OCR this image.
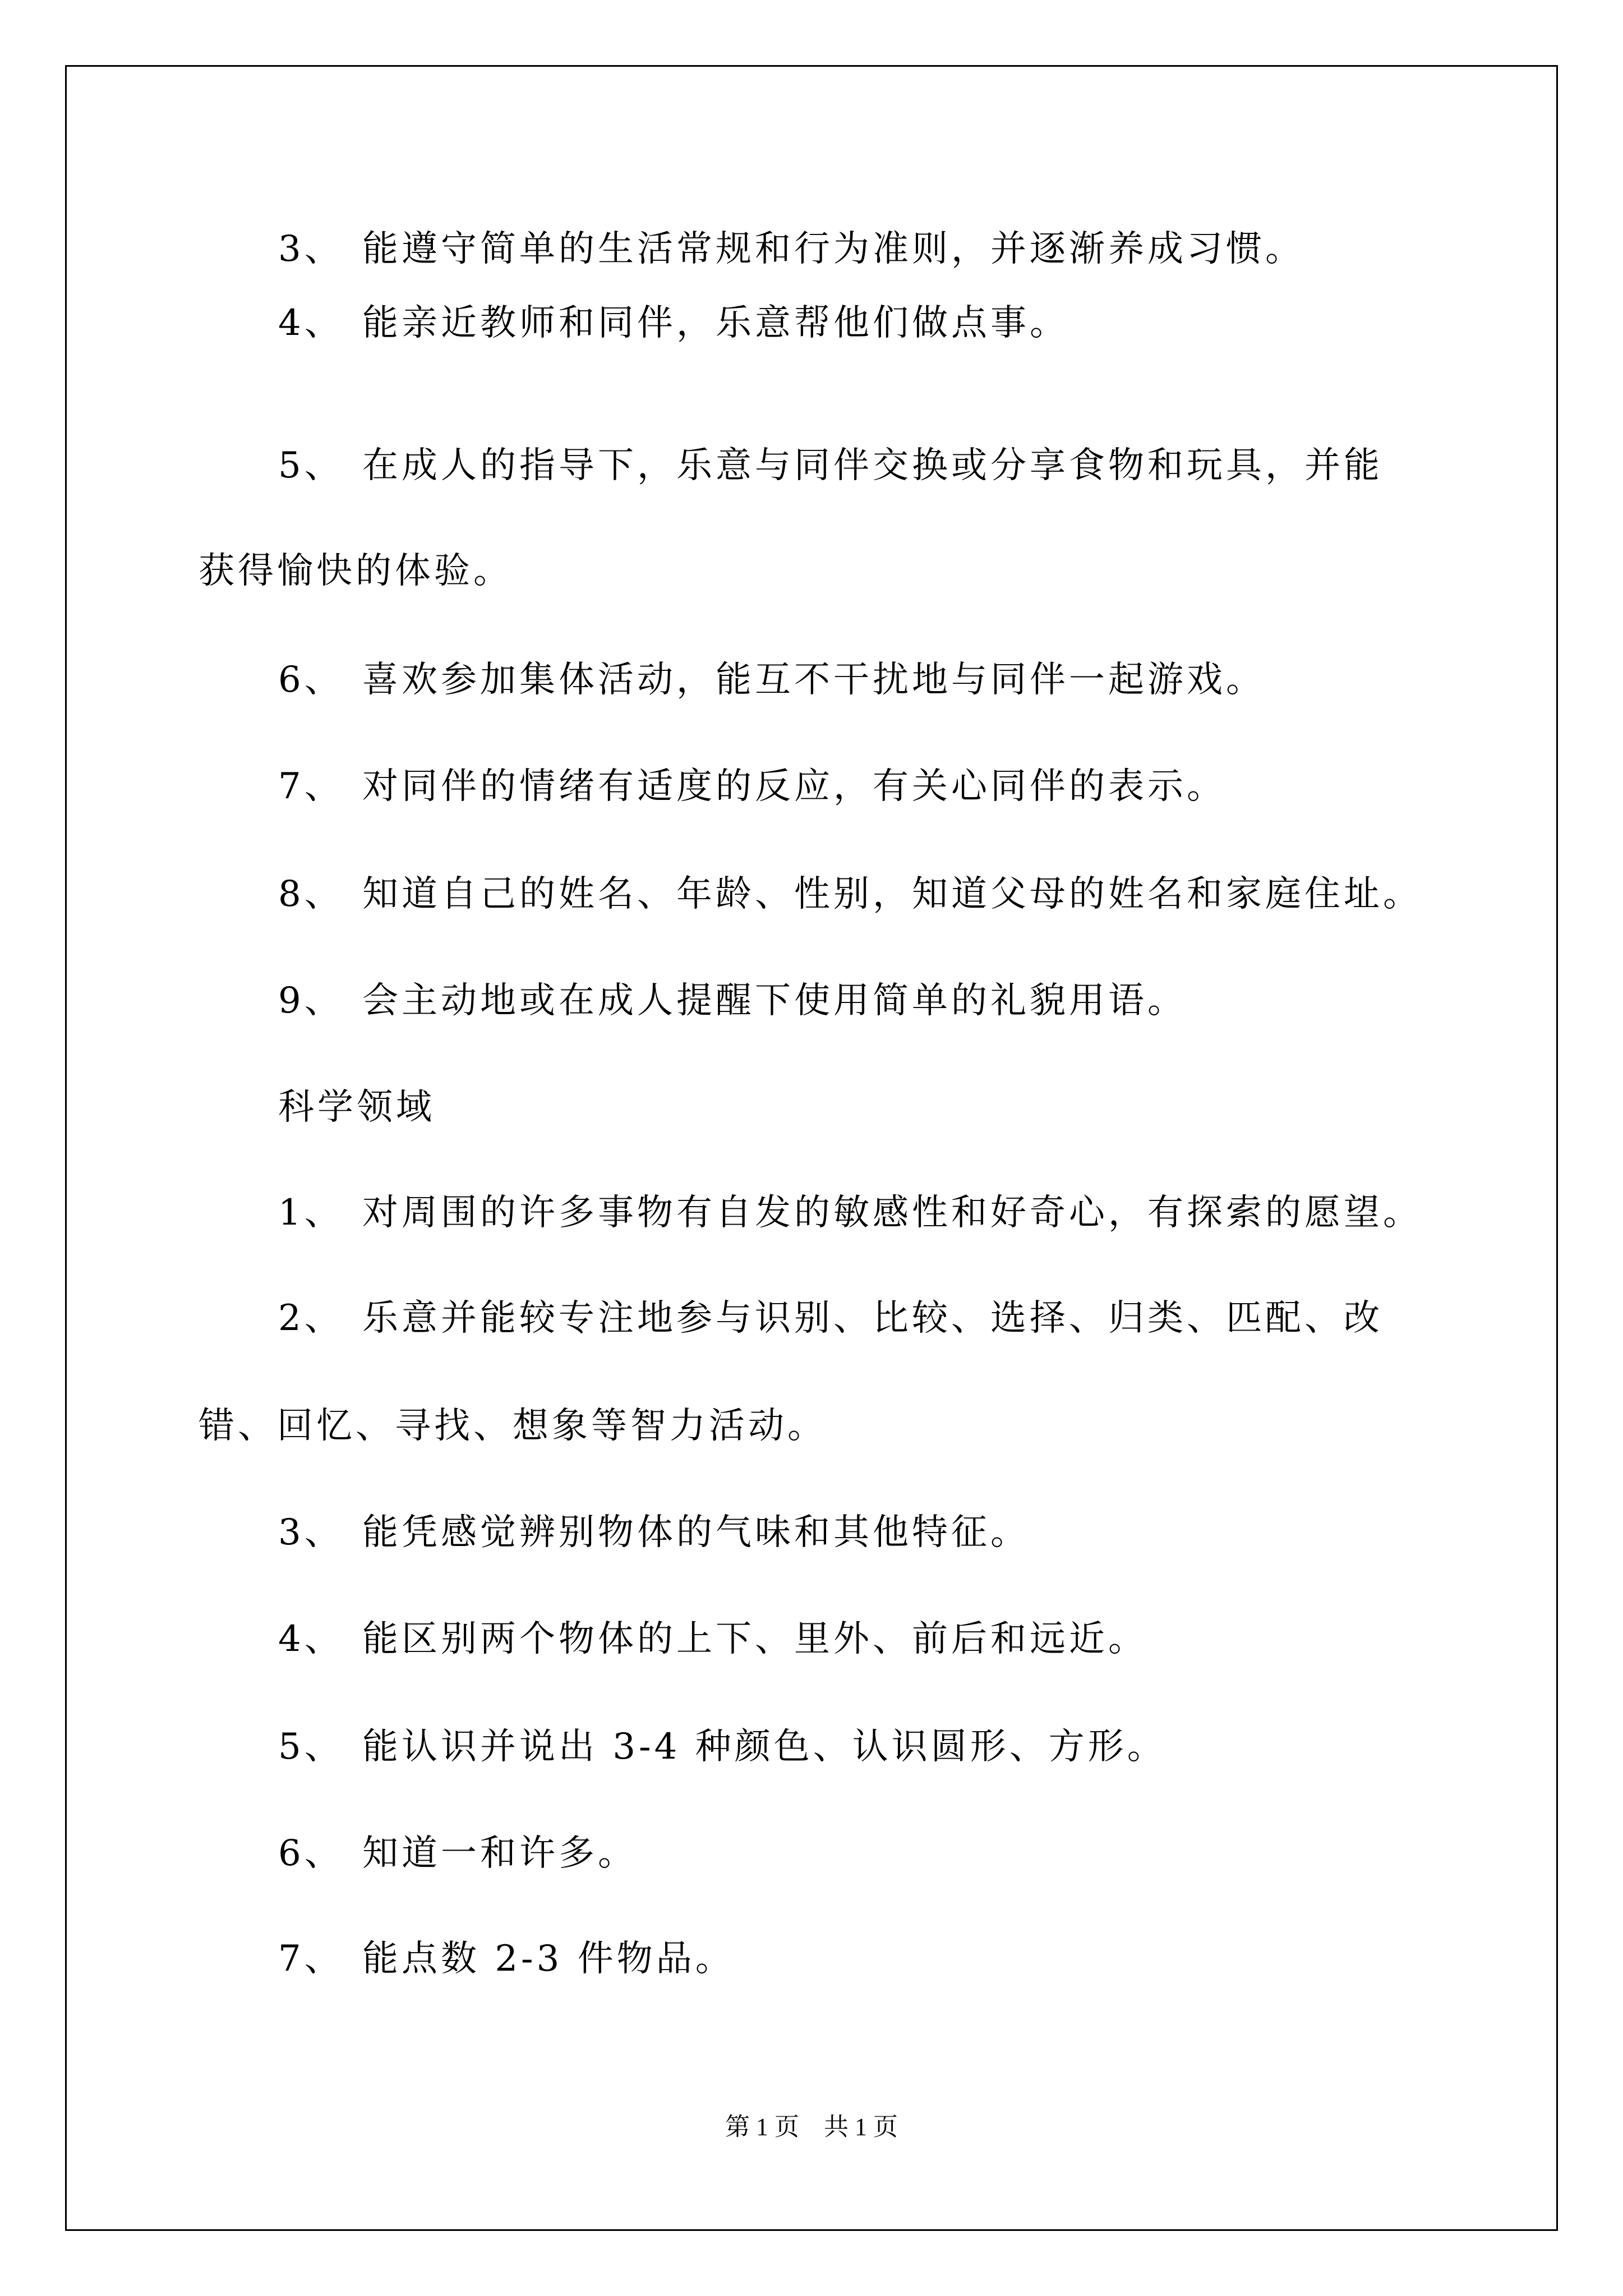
3、 能遵守简单的生活常规和行为准则，并逐渐养成习惯。
4、 能亲近教师和同伴，乐意帮他们做点事。
5、 在成人的指导下，乐意与同伴交换或分享食物和玩具，并能
获得愉快的体验。
6、 喜欢参加集体活动，能互不干扰地与同伴一起游戏。
7、 对同伴的情绪有适度的反应，有关心同伴的表示。
8、 知道自己的姓名、年龄、性别，知道父母的姓名和家庭住址。
9、 会主动地或在成人提醒下使用简单的礼貌用语。
科学领域
1、 对周围的许多事物有自发的敏感性和好奇心，有探索的愿望。
2、 乐意并能较专注地参与识别、比较、选择、归类、匹配、改
错、回忆、寻找、想象等智力活动。
3、 能凭感觉辨别物体的气味和其他特征。
4、 能区别两个物体的上下、里外、前后和远近。
5、 能认识并说出 3-4 种颜色、认识圆形、方形。
6、 知道一和许多。
7、 能点数 2-3 件物品。
第 1 页　共 1 页
